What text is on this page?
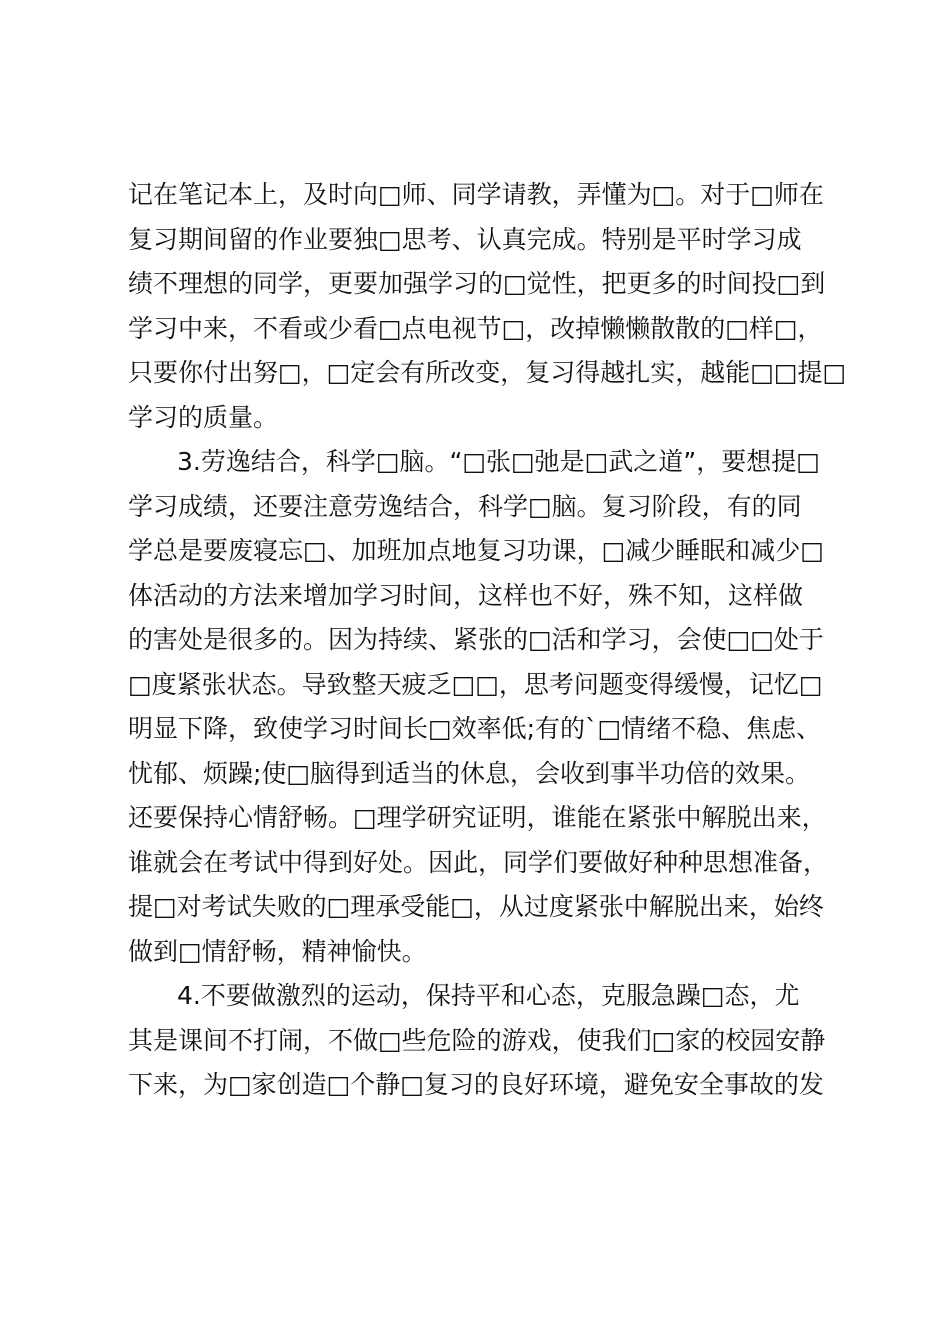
记在笔记本上，及时向□师、同学请教，弄懂为□。对于□师在
复习期间留的作业要独□思考、认真完成。特别是平时学习成
绩不理想的同学，更要加强学习的□觉性，把更多的时间投□到
学习中来，不看或少看□点电视节□，改掉懒懒散散的□样□，
只要你付出努□，□定会有所改变，复习得越扎实，越能□□提□
学习的质量。
3.劳逸结合，科学□脑。“□张□弛是□武之道”，要想提□
学习成绩，还要注意劳逸结合，科学□脑。复习阶段，有的同
学总是要废寝忘□、加班加点地复习功课，□减少睡眠和减少□
体活动的方法来增加学习时间，这样也不好，殊不知，这样做
的害处是很多的。因为持续、紧张的□活和学习，会使□□处于
□度紧张状态。导致整天疲乏□□，思考问题变得缓慢，记忆□
明显下降，致使学习时间长□效率低;有的`□情绪不稳、焦虑、
忧郁、烦躁;使□脑得到适当的休息，会收到事半功倍的效果。
还要保持心情舒畅。□理学研究证明，谁能在紧张中解脱出来，
谁就会在考试中得到好处。因此，同学们要做好种种思想准备，
提□对考试失败的□理承受能□，从过度紧张中解脱出来，始终
做到□情舒畅，精神愉快。
4.不要做激烈的运动，保持平和心态，克服急躁□态，尤
其是课间不打闹，不做□些危险的游戏，使我们□家的校园安静
下来，为□家创造□个静□复习的良好环境，避免安全事故的发
